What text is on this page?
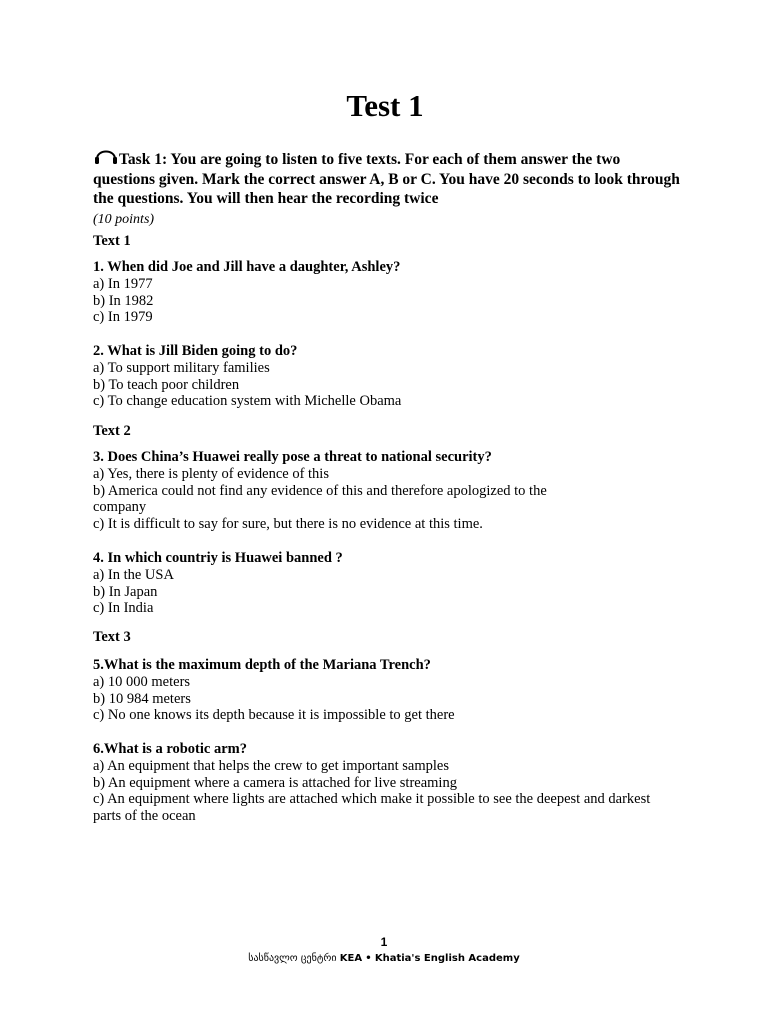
Test 1
Task 1: You are going to listen to five texts. For each of them answer the two questions given. Mark the correct answer A, B or C. You have 20 seconds to look through the questions. You will then hear the recording twice
(10 points)
Text 1
1. When did Joe and Jill have a daughter, Ashley?
a) In 1977
b) In 1982
c) In 1979
2. What is Jill Biden going to do?
a) To support military families
b) To teach poor children
c) To change education system with Michelle Obama
Text 2
3. Does China’s Huawei really pose a threat to national security?
a) Yes, there is plenty of evidence of this
b) America could not find any evidence of this and therefore apologized to the company
c) It is difficult to say for sure, but there is no evidence at this time.
4. In which countriy is Huawei banned ?
a) In the USA
b) In Japan
c) In India
Text 3
5.What is the maximum depth of the Mariana Trench?
a) 10 000 meters
b) 10 984 meters
c) No one knows its depth because it is impossible to get there
6.What is a robotic arm?
a) An equipment that helps the crew to get important samples
b) An equipment where a camera is attached for live streaming
c) An equipment where lights are attached which make it possible to see the deepest and darkest parts of the ocean
1
სასწავლო ცენტრი KEA • Khatia's English Academy
